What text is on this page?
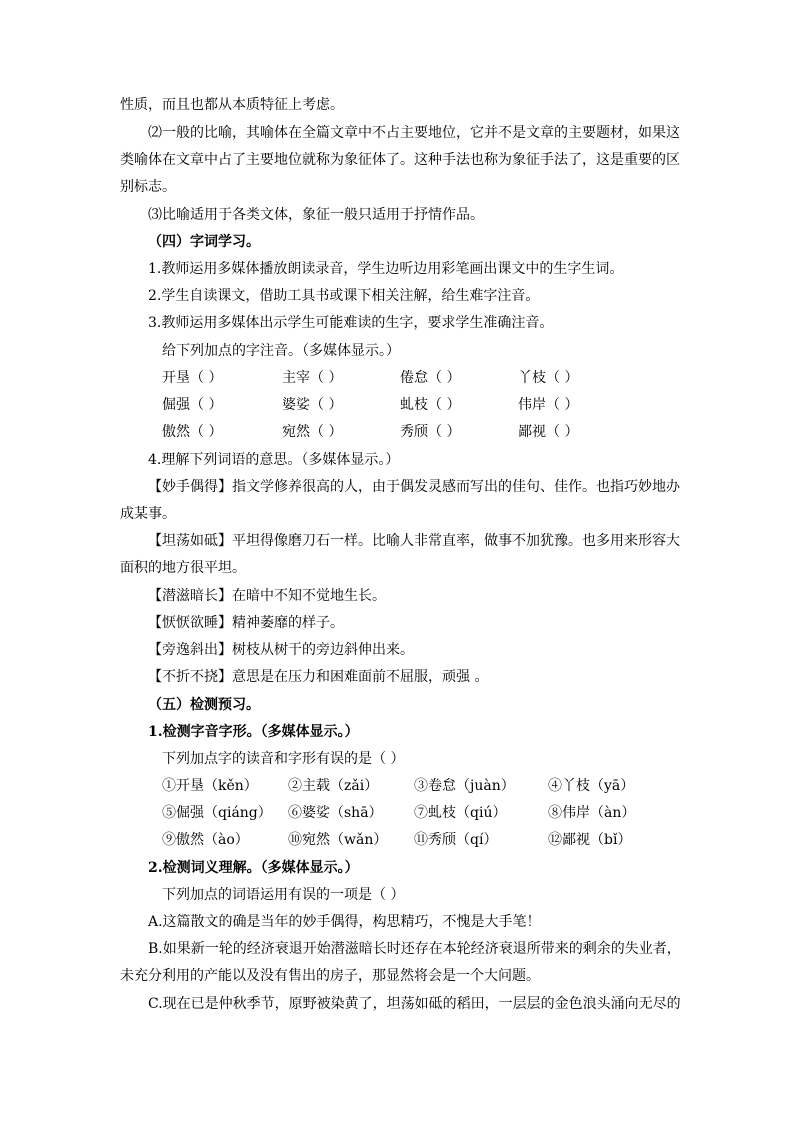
性质，而且也都从本质特征上考虑。
⑵一般的比喻，其喻体在全篇文章中不占主要地位，它并不是文章的主要题材，如果这
类喻体在文章中占了主要地位就称为象征体了。这种手法也称为象征手法了，这是重要的区
别标志。
⑶比喻适用于各类文体，象征一般只适用于抒情作品。
（四）字词学习。
1.教师运用多媒体播放朗读录音，学生边听边用彩笔画出课文中的生字生词。
2.学生自读课文，借助工具书或课下相关注解，给生难字注音。
3.教师运用多媒体出示学生可能难读的生字，要求学生准确注音。
给下列加点的字注音。（多媒体显示。）
开垦（ ）	主宰（ ）	倦怠（ ）	丫枝（ ）
倔强（ ）	婆娑（ ）	虬枝（ ）	伟岸（ ）
傲然（ ）	宛然（ ）	秀颀（ ）	鄙视（ ）
4.理解下列词语的意思。（多媒体显示。）
【妙手偶得】指文学修养很高的人，由于偶发灵感而写出的佳句、佳作。也指巧妙地办
成某事。
【坦荡如砥】平坦得像磨刀石一样。比喻人非常直率，做事不加犹豫。也多用来形容大
面积的地方很平坦。
【潜滋暗长】在暗中不知不觉地生长。
【恹恹欲睡】精神萎靡的样子。
【旁逸斜出】树枝从树干的旁边斜伸出来。
【不折不挠】意思是在压力和困难面前不屈服，顽强 。
（五）检测预习。
1.检测字音字形。（多媒体显示。）
下列加点字的读音和字形有误的是（ ）
①开垦（kěn） ②主载（zǎi）	③卷怠（juàn） ④丫枝（yā）
⑤倔强（qiáng） ⑥婆娑（shā） ⑦虬枝（qiú）	⑧伟岸（àn）
⑨傲然（ào）	⑩宛然（wǎn） ⑪秀颀（qí）	⑫鄙视（bǐ）
2.检测词义理解。（多媒体显示。）
下列加点的词语运用有误的一项是（ ）
A.这篇散文的确是当年的妙手偶得，构思精巧，不愧是大手笔！
B.如果新一轮的经济衰退开始潜滋暗长时还存在本轮经济衰退所带来的剩余的失业者，
未充分利用的产能以及没有售出的房子，那显然将会是一个大问题。
C.现在已是仲秋季节，原野被染黄了，坦荡如砥的稻田，一层层的金色浪头涌向无尽的
